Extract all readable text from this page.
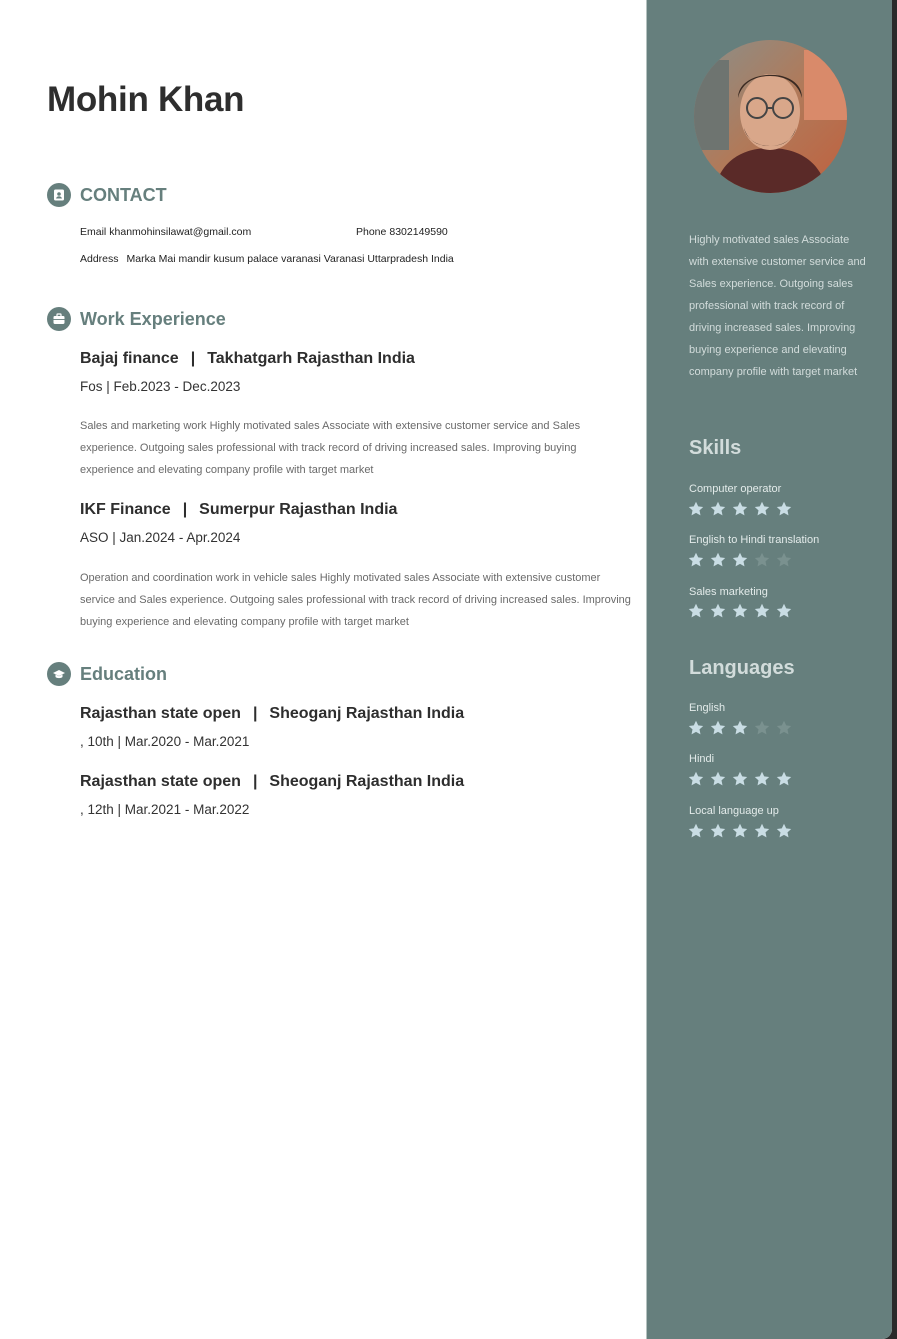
Mohin Khan
CONTACT
Email khanmohinsilawat@gmail.com	Phone 8302149590
Address Marka Mai mandir kusum palace varanasi Varanasi Uttarpradesh India
Work Experience
Bajaj finance | Takhatgarh Rajasthan India
Fos | Feb.2023 - Dec.2023
Sales and marketing work Highly motivated sales Associate with extensive customer service and Sales experience. Outgoing sales professional with track record of driving increased sales. Improving buying experience and elevating company profile with target market
IKF Finance | Sumerpur Rajasthan India
ASO | Jan.2024 - Apr.2024
Operation and coordination work in vehicle sales Highly motivated sales Associate with extensive customer service and Sales experience. Outgoing sales professional with track record of driving increased sales. Improving buying experience and elevating company profile with target market
Education
Rajasthan state open | Sheoganj Rajasthan India
, 10th | Mar.2020 - Mar.2021
Rajasthan state open | Sheoganj Rajasthan India
, 12th | Mar.2021 - Mar.2022
Highly motivated sales Associate with extensive customer service and Sales experience. Outgoing sales professional with track record of driving increased sales. Improving buying experience and elevating company profile with target market
Skills
Computer operator
English to Hindi translation
Sales marketing
Languages
English
Hindi
Local language up
